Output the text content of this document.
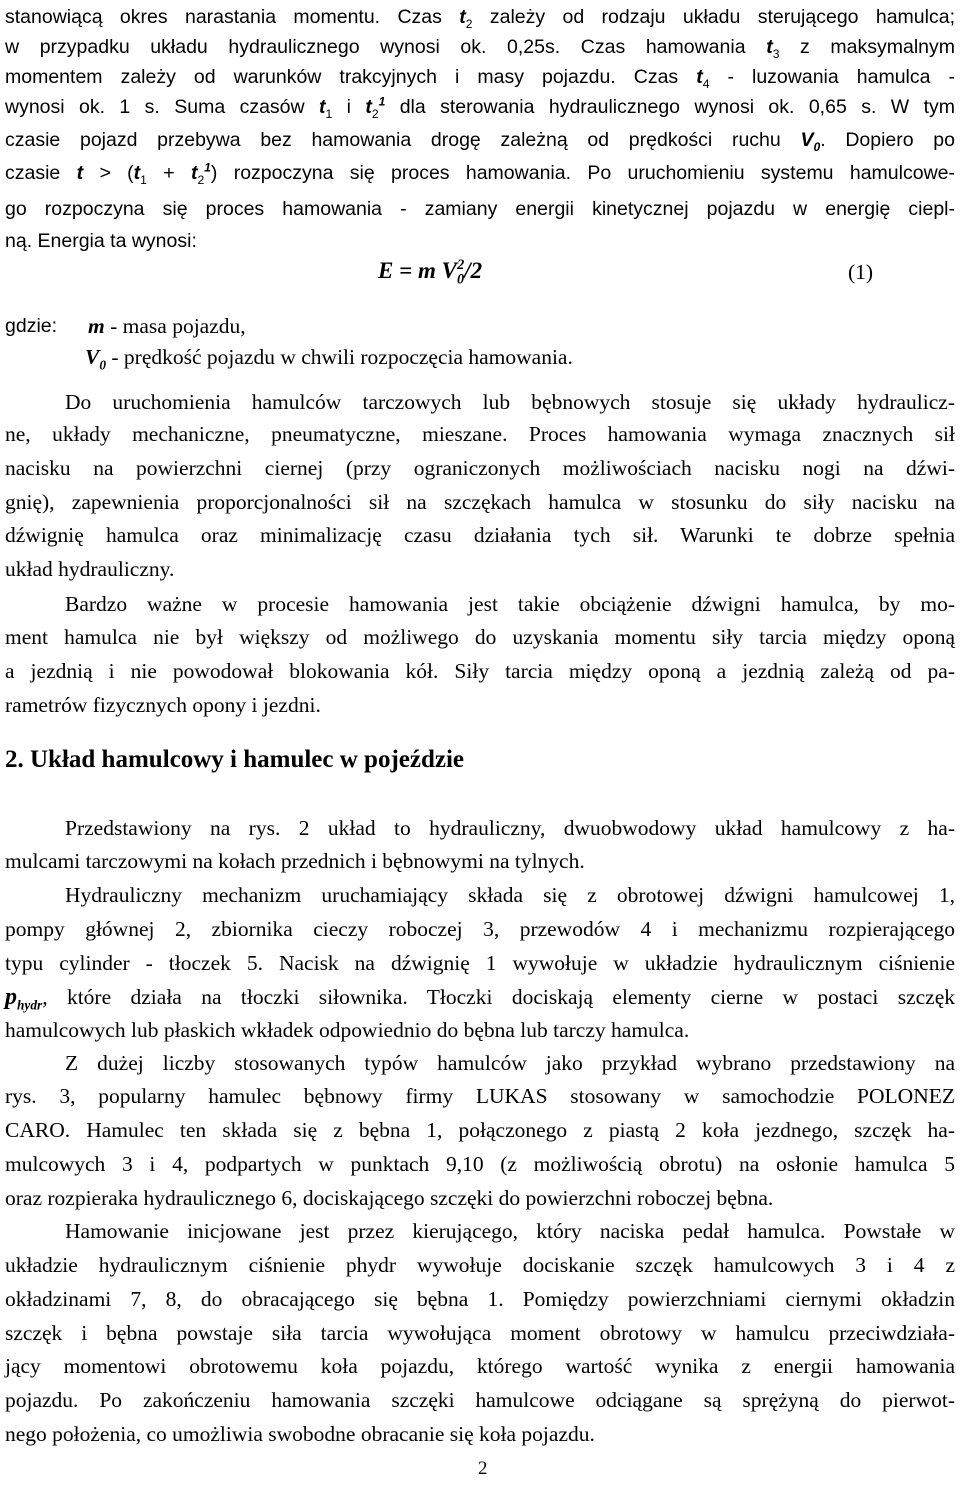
stanowiącą okres narastania momentu. Czas $t_2$ zależy od rodzaju układu sterującego hamulca;
w przypadku układu hydraulicznego wynosi ok. 0,25s. Czas hamowania $t_3$ z maksymalnym
momentem zależy od warunków trakcyjnych i masy pojazdu. Czas $t_4$ - luzowania hamulca -
wynosi ok. 1 s. Suma czasów $t_1$ i $t_2^1$ dla sterowania hydraulicznego wynosi ok. 0,65 s. W tym
czasie pojazd przebywa bez hamowania drogę zależną od prędkości ruchu $V_0$. Dopiero po
czasie $t > (t_1 + t_2^1)$ rozpoczyna się proces hamowania. Po uruchomieniu systemu hamulcowe-
go rozpoczyna się proces hamowania - zamiany energii kinetycznej pojazdu w energię ciepl-
ną. Energia ta wynosi:
E = m $V_0^2/2$	(1)
gdzie: m - masa pojazdu,
$V_0$ - prędkość pojazdu w chwili rozpoczęcia hamowania.
Do uruchomienia hamulców tarczowych lub bębnowych stosuje się układy hydraulicz-
ne, układy mechaniczne, pneumatyczne, mieszane. Proces hamowania wymaga znacznych sił
nacisku na powierzchni ciernej (przy ograniczonych możliwościach nacisku nogi na dźwi-
gnię), zapewnienia proporcjonalności sił na szczękach hamulca w stosunku do siły nacisku na
dźwignię hamulca oraz minimalizację czasu działania tych sił. Warunki te dobrze spełnia
układ hydrauliczny.
Bardzo ważne w procesie hamowania jest takie obciążenie dźwigni hamulca, by mo-
ment hamulca nie był większy od możliwego do uzyskania momentu siły tarcia między oponą
a jezdnią i nie powodował blokowania kół. Siły tarcia między oponą a jezdnią zależą od pa-
rametrów fizycznych opony i jezdni.
2. Układ hamulcowy i hamulec w pojeździe
Przedstawiony na rys. 2 układ to hydrauliczny, dwuobwodowy układ hamulcowy z ha-
mulcami tarczowymi na kołach przednich i bębnowymi na tylnych.
Hydrauliczny mechanizm uruchamiający składa się z obrotowej dźwigni hamulcowej 1,
pompy głównej 2, zbiornika cieczy roboczej 3, przewodów 4 i mechanizmu rozpierającego
typu cylinder - tłoczek 5. Nacisk na dźwignię 1 wywołuje w układzie hydraulicznym ciśnienie
$p_{hydr}$, które działa na tłoczki siłownika. Tłoczki dociskają elementy cierne w postaci szczęk
hamulcowych lub płaskich wkładek odpowiednio do bębna lub tarczy hamulca.
Z dużej liczby stosowanych typów hamulców jako przykład wybrano przedstawiony na
rys. 3, popularny hamulec bębnowy firmy LUKAS stosowany w samochodzie POLONEZ
CARO. Hamulec ten składa się z bębna 1, połączonego z piastą 2 koła jezdnego, szczęk ha-
mulcowych 3 i 4, podpartych w punktach 9,10 (z możliwością obrotu) na osłonie hamulca 5
oraz rozpieraka hydraulicznego 6, dociskającego szczęki do powierzchni roboczej bębna.
Hamowanie inicjowane jest przez kierującego, który naciska pedał hamulca. Powstałe w
układzie hydraulicznym ciśnienie phydr wywołuje dociskanie szczęk hamulcowych 3 i 4 z
okładzinami 7, 8, do obracającego się bębna 1. Pomiędzy powierzchniami ciernymi okładzin
szczęk i bębna powstaje siła tarcia wywołująca moment obrotowy w hamulcu przeciwdziała-
jący momentowi obrotowemu koła pojazdu, którego wartość wynika z energii hamowania
pojazdu. Po zakończeniu hamowania szczęki hamulcowe odciągane są sprężyną do pierwot-
nego położenia, co umożliwia swobodne obracanie się koła pojazdu.
2
